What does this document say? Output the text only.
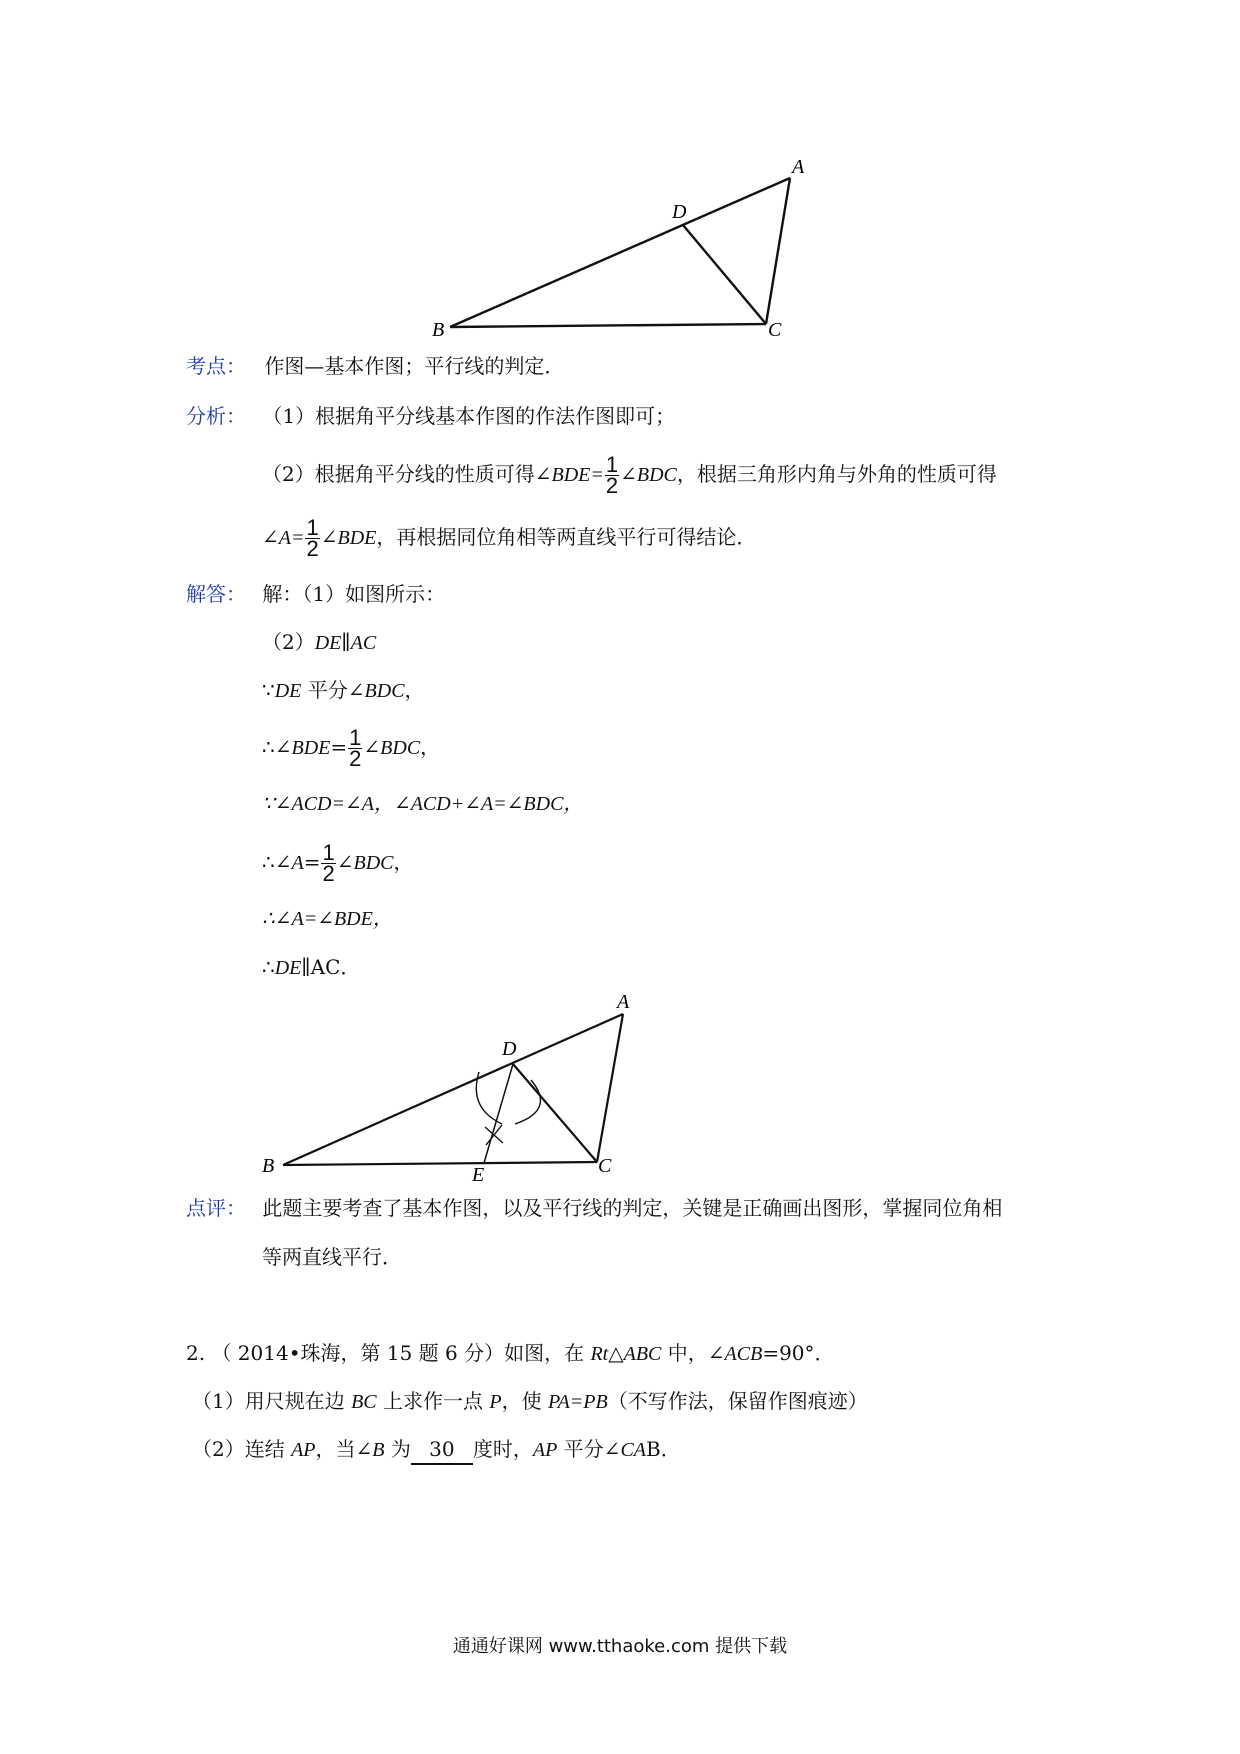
A
D
B	C
考点： 作图—基本作图；平行线的判定．
分析： （1）根据角平分线基本作图的作法作图即可；
（2）根据角平分线的性质可得∠BDE= $\frac{1}{2}$ ∠BDC，根据三角形内角与外角的性质可得
∠A= $\frac{1}{2}$ ∠BDE，再根据同位角相等两直线平行可得结论．
解答： 解：（1）如图所示：
（2）DE∥AC
∵DE 平分∠BDC，
∴∠BDE= $\frac{1}{2}$ ∠BDC，
∵∠ACD=∠A，∠ACD+∠A=∠BDC，
∴∠A= $\frac{1}{2}$ ∠BDC，
∴∠A=∠BDE，
∴DE∥AC．
A
D
B	C
E
点评： 此题主要考查了基本作图，以及平行线的判定，关键是正确画出图形，掌握同位角相
等两直线平行．
2. （ 2014•珠海，第 15 题 6 分）如图，在 Rt△ABC 中，∠ACB=90°．
（1）用尺规在边 BC 上求作一点 P，使 PA=PB（不写作法，保留作图痕迹）
（2）连结 AP，当∠B 为 30 度时，AP 平分∠CAB．
通通好课网 www.tthaoke.com 提供下载
